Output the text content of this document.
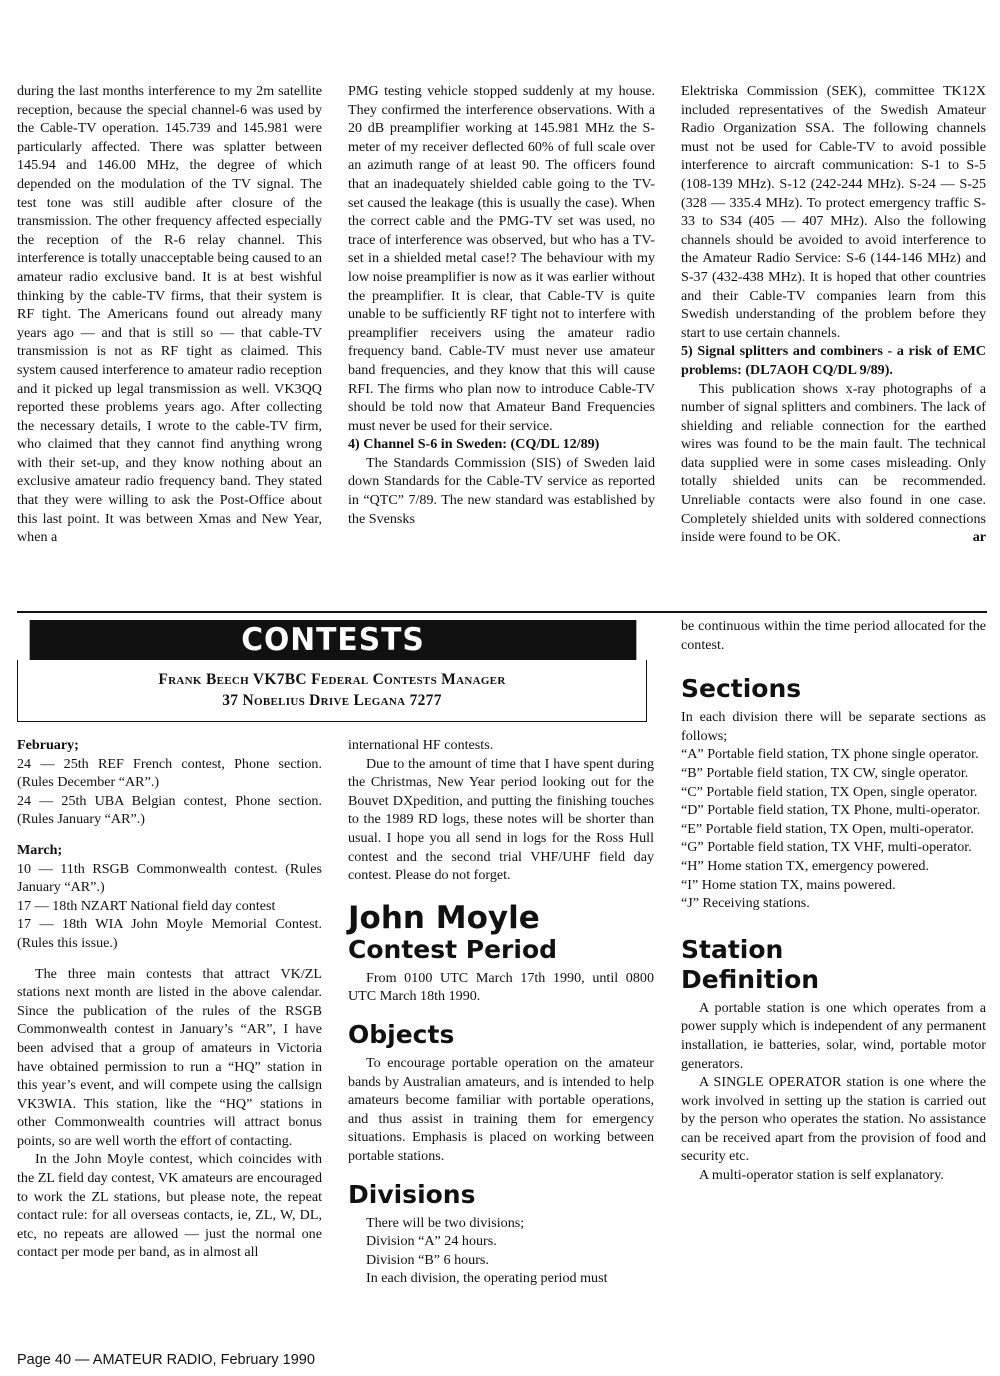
during the last months interference to my 2m satellite reception, because the special channel-6 was used by the Cable-TV operation. 145.739 and 145.981 were particularly affected. There was splatter between 145.94 and 146.00 MHz, the degree of which depended on the modulation of the TV signal. The test tone was still audible after closure of the transmission. The other frequency affected especially the reception of the R-6 relay channel. This interference is totally unacceptable being caused to an amateur radio exclusive band. It is at best wishful thinking by the cable-TV firms, that their system is RF tight. The Americans found out already many years ago — and that is still so — that cable-TV transmission is not as RF tight as claimed. This system caused interference to amateur radio reception and it picked up legal transmission as well. VK3QQ reported these problems years ago. After collecting the necessary details, I wrote to the cable-TV firm, who claimed that they cannot find anything wrong with their set-up, and they know nothing about an exclusive amateur radio frequency band. They stated that they were willing to ask the Post-Office about this last point. It was between Xmas and New Year, when a

PMG testing vehicle stopped suddenly at my house. They confirmed the interference observations. With a 20 dB preamplifier working at 145.981 MHz the S-meter of my receiver deflected 60% of full scale over an azimuth range of at least 90. The officers found that an inadequately shielded cable going to the TV-set caused the leakage (this is usually the case). When the correct cable and the PMG-TV set was used, no trace of interference was observed, but who has a TV-set in a shielded metal case!? The behaviour with my low noise preamplifier is now as it was earlier without the preamplifier. It is clear, that Cable-TV is quite unable to be sufficiently RF tight not to interfere with preamplifier receivers using the amateur radio frequency band. Cable-TV must never use amateur band frequencies, and they know that this will cause RFI. The firms who plan now to introduce Cable-TV should be told now that Amateur Band Frequencies must never be used for their service.

4) Channel S-6 in Sweden: (CQ/DL 12/89)

The Standards Commission (SIS) of Sweden laid down Standards for the Cable-TV service as reported in “QTC” 7/89. The new standard was established by the Svensks

Elektriska Commission (SEK), committee TK12X included representatives of the Swedish Amateur Radio Organization SSA. The following channels must not be used for Cable-TV to avoid possible interference to aircraft communication: S-1 to S-5 (108-139 MHz). S-12 (242-244 MHz). S-24 — S-25 (328 — 335.4 MHz). To protect emergency traffic S-33 to S34 (405 — 407 MHz). Also the following channels should be avoided to avoid interference to the Amateur Radio Service: S-6 (144-146 MHz) and S-37 (432-438 MHz). It is hoped that other countries and their Cable-TV companies learn from this Swedish understanding of the problem before they start to use certain channels.

5) Signal splitters and combiners - a risk of EMC problems: (DL7AOH CQ/DL 9/89).

This publication shows x-ray photographs of a number of signal splitters and combiners. The lack of shielding and reliable connection for the earthed wires was found to be the main fault. The technical data supplied were in some cases misleading. Only totally shielded units can be recommended. Unreliable contacts were also found in one case. Completely shielded units with soldered connections inside were found to be OK.	ar

CONTESTS
Frank Beech VK7BC Federal Contests Manager
37 Nobelius Drive Legana 7277

February;

24 — 25th REF French contest, Phone section. (Rules December “AR”.)

24 — 25th UBA Belgian contest, Phone section. (Rules January “AR”.)

March;

10 — 11th RSGB Commonwealth contest. (Rules January “AR”.)

17 — 18th NZART National field day contest

17 — 18th WIA John Moyle Memorial Contest. (Rules this issue.)

The three main contests that attract VK/ZL stations next month are listed in the above calendar. Since the publication of the rules of the RSGB Commonwealth contest in January’s “AR”, I have been advised that a group of amateurs in Victoria have obtained permission to run a “HQ” station in this year’s event, and will compete using the callsign VK3WIA. This station, like the “HQ” stations in other Commonwealth countries will attract bonus points, so are well worth the effort of contacting.

In the John Moyle contest, which coincides with the ZL field day contest, VK amateurs are encouraged to work the ZL stations, but please note, the repeat contact rule: for all overseas contacts, ie, ZL, W, DL, etc, no repeats are allowed — just the normal one contact per mode per band, as in almost all

international HF contests.

Due to the amount of time that I have spent during the Christmas, New Year period looking out for the Bouvet DXpedition, and putting the finishing touches to the 1989 RD logs, these notes will be shorter than usual. I hope you all send in logs for the Ross Hull contest and the second trial VHF/UHF field day contest. Please do not forget.

John Moyle

Contest Period

From 0100 UTC March 17th 1990, until 0800 UTC March 18th 1990.

Objects

To encourage portable operation on the amateur bands by Australian amateurs, and is intended to help amateurs become familiar with portable operations, and thus assist in training them for emergency situations. Emphasis is placed on working between portable stations.

Divisions

There will be two divisions;

Division “A” 24 hours.

Division “B” 6 hours.

In each division, the operating period must

be continuous within the time period allocated for the contest.

Sections

In each division there will be separate sections as follows;

“A” Portable field station, TX phone single operator.

“B” Portable field station, TX CW, single operator.

“C” Portable field station, TX Open, single operator.

“D” Portable field station, TX Phone, multi-operator.

“E” Portable field station, TX Open, multi-operator.

“G” Portable field station, TX VHF, multi-operator.

“H” Home station TX, emergency powered.

“I” Home station TX, mains powered.

“J” Receiving stations.

Station

Definition

A portable station is one which operates from a power supply which is independent of any permanent installation, ie batteries, solar, wind, portable motor generators.

A SINGLE OPERATOR station is one where the work involved in setting up the station is carried out by the person who operates the station. No assistance can be received apart from the provision of food and security etc.

A multi-operator station is self explanatory.

Page 40 — AMATEUR RADIO, February 1990
